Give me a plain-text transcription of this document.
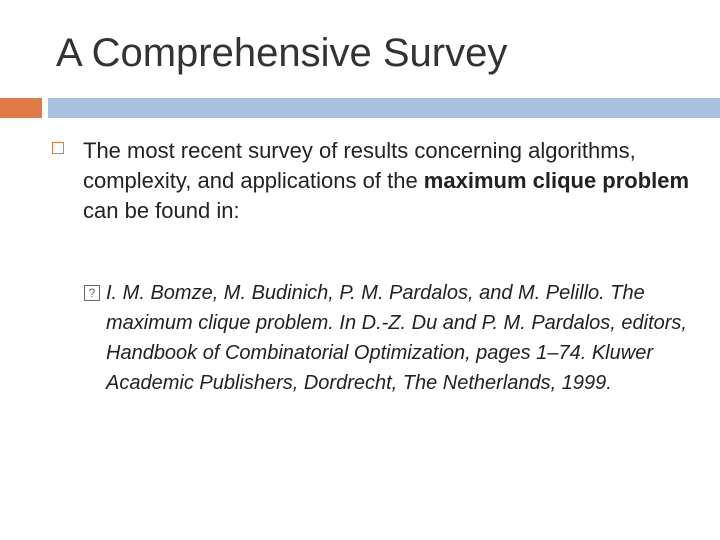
A Comprehensive Survey
The most recent survey of results concerning algorithms, complexity, and applications of the maximum clique problem can be found in:
? I. M. Bomze, M. Budinich, P. M. Pardalos, and M. Pelillo. The maximum clique problem. In D.-Z. Du and P. M. Pardalos, editors, Handbook of Combinatorial Optimization, pages 1–74. Kluwer Academic Publishers, Dordrecht, The Netherlands, 1999.
